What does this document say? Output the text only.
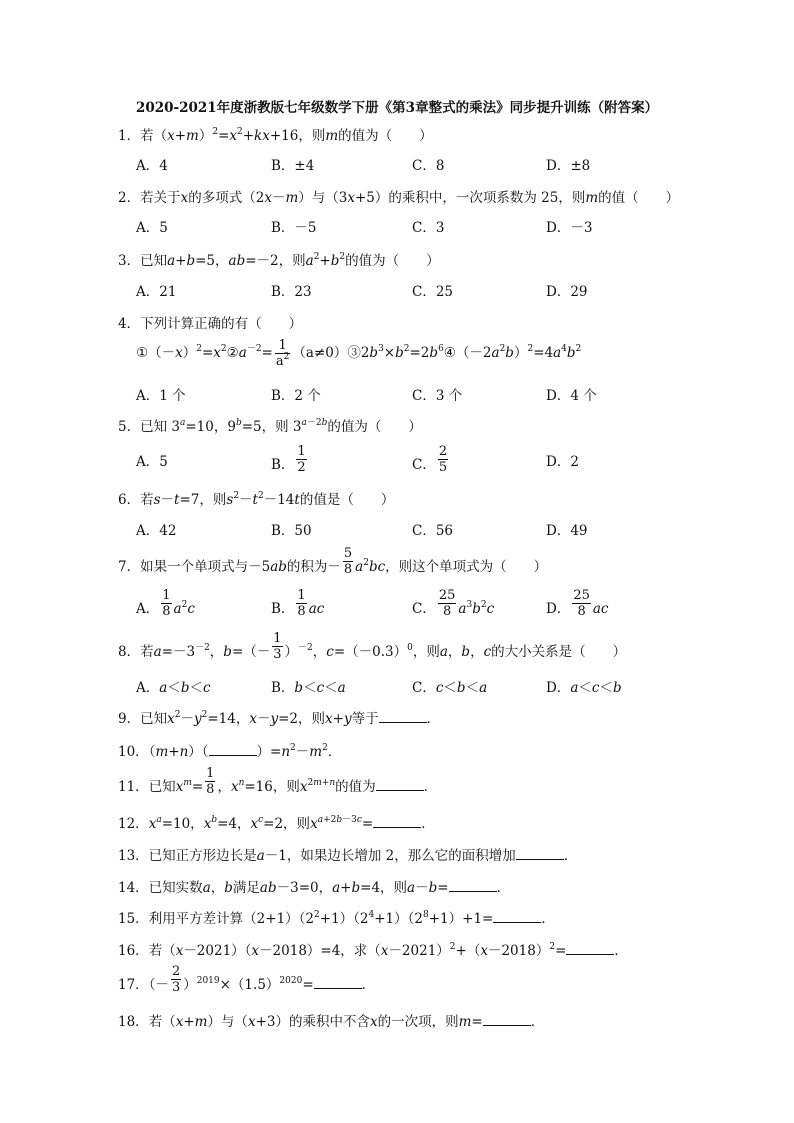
2020-2021年度浙教版七年级数学下册《第3章整式的乘法》同步提升训练（附答案）
1．若$(x+m)^2=x^2+kx+16$，则m的值为（　　）
A．4	B．±4	C．8	D．±8
2．若关于x的多项式（2x－m）与（3x+5）的乘积中，一次项系数为 25，则m的值（　　）
A．5	B．－5	C．3	D．－3
3．已知a+b=5，ab=－2，则$a^2+b^2$的值为（　　）
A．21	B．23	C．25	D．29
4．下列计算正确的有（　　）
$①(-x)^2=x^2②a^{-2}= \frac{1}{a^2}$ $(a\ne 0)③2b^3\times b^2=2b^6④(-2a^2b)^2=4a^4b^2$
A．1 个	B．2 个	C．3 个	D．4 个
5．已知 $3^a=10$，$9^b=5$，则 $3^{a-2b}$的值为（　　）
A．5	B． $\frac{1}{2}$	C． $\frac{2}{5}$	D．2
6．若s－t=7，则$s^2-t^2-14t$的值是（　　）
A．42	B．50	C．56	D．49
7．如果一个单项式与－5ab的积为－ $\frac{5}{8} a^2bc$，则这个单项式为（　　）
A． $\frac{1}{8} a^2c$	B． $\frac{1}{8}$ ac	C． $\frac{25}{8} a^3b^2c$	D． $\frac{25}{8}$ ac
8．若$a=-3^{-2}$，$b=(- \frac{1}{3} )^{-2}$，$c=(-0.3)^0$，则a，b，c的大小关系是（　　）
A．a＜b＜c	B．b＜c＜a	C．c＜b＜a	D．a＜c＜b
9．已知$x^2-y^2=14$，x－y=2，则x+y等于	．
10．（m+n）（	）$=n^2-m^2$．
11．已知$x^m= \frac{1}{8}$ ，$x^n=16$，则$x^{2m+n}$的值为	．
12．$x^a=10$，$x^b=4$，$x^c=2$，则$x^{a+2b-3c}=$	．
13．已知正方形边长是a－1，如果边长增加 2，那么它的面积增加	．
14．已知实数a，b满足ab－3=0，a+b=4，则a－b=	．
15．利用平方差计算$(2+1)(2^2+1)(2^4+1)(2^8+1)+1=$	．
16．若（x－2021）（x－2018）=4，求$(x-2021)^2+(x-2018)^2=$	．
17．（－ $\frac{2}{3} )^{2019}\times(1.5)^{2020}=$	．
18．若（x+m）与（x+3）的乘积中不含x的一次项，则m=	．
